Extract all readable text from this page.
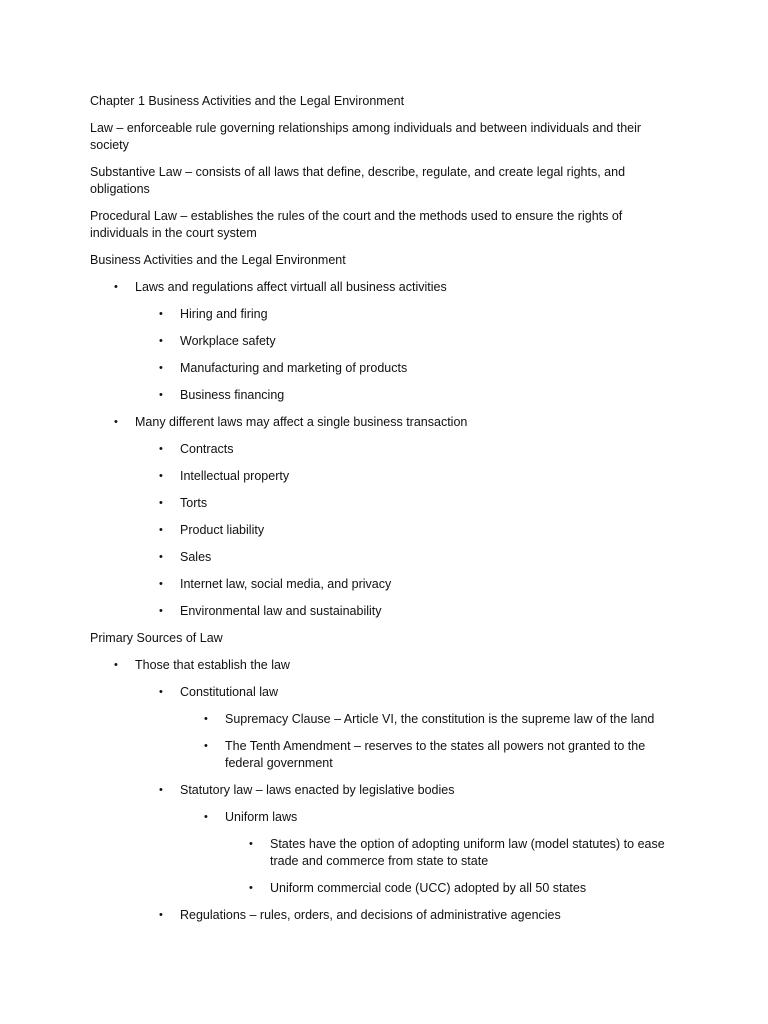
Chapter 1 Business Activities and the Legal Environment
Law – enforceable rule governing relationships among individuals and between individuals and their society
Substantive Law – consists of all laws that define, describe, regulate, and create legal rights, and obligations
Procedural Law – establishes the rules of the court and the methods used to ensure the rights of individuals in the court system
Business Activities and the Legal Environment
• Laws and regulations affect virtuall all business activities
• Hiring and firing
• Workplace safety
• Manufacturing and marketing of products
• Business financing
• Many different laws may affect a single business transaction
• Contracts
• Intellectual property
• Torts
• Product liability
• Sales
• Internet law, social media, and privacy
• Environmental law and sustainability
Primary Sources of Law
• Those that establish the law
• Constitutional law
• Supremacy Clause – Article VI, the constitution is the supreme law of the land
• The Tenth Amendment – reserves to the states all powers not granted to the federal government
• Statutory law – laws enacted by legislative bodies
• Uniform laws
• States have the option of adopting uniform law (model statutes) to ease trade and commerce from state to state
• Uniform commercial code (UCC) adopted by all 50 states
• Regulations – rules, orders, and decisions of administrative agencies
